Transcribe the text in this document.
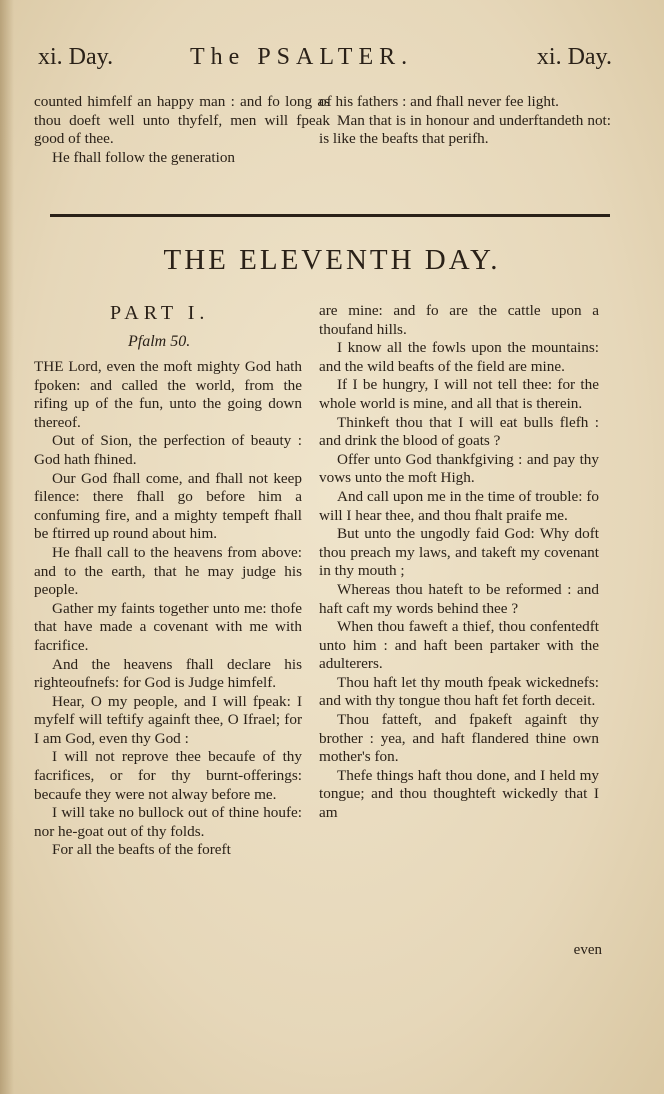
xi. Day.	The PSALTER.	xi. Day.

counted himfelf an happy man : and fo long as thou doeft well unto thyfelf, men will fpeak good of thee.

He fhall follow the generation

of his fathers : and fhall never fee light.

Man that is in honour and underftandeth not: is like the beafts that perifh.

THE ELEVENTH DAY.
PART I.
Pfalm 50.

THE Lord, even the moft mighty God hath fpoken: and called the world, from the rifing up of the fun, unto the going down thereof.

Out of Sion, the perfection of beauty : God hath fhined.

Our God fhall come, and fhall not keep filence: there fhall go before him a confuming fire, and a mighty tempeft fhall be ftirred up round about him.

He fhall call to the heavens from above: and to the earth, that he may judge his people.

Gather my faints together unto me: thofe that have made a covenant with me with facrifice.

And the heavens fhall declare his righteoufnefs: for God is Judge himfelf.

Hear, O my people, and I will fpeak: I myfelf will teftify againft thee, O Ifrael; for I am God, even thy God :

I will not reprove thee becaufe of thy facrifices, or for thy burnt-offerings: becaufe they were not alway before me.

I will take no bullock out of thine houfe: nor he-goat out of thy folds.

For all the beafts of the foreft

are mine: and fo are the cattle upon a thoufand hills.

I know all the fowls upon the mountains: and the wild beafts of the field are mine.

If I be hungry, I will not tell thee: for the whole world is mine, and all that is therein.

Thinkeft thou that I will eat bulls flefh : and drink the blood of goats ?

Offer unto God thankfgiving : and pay thy vows unto the moft High.

And call upon me in the time of trouble: fo will I hear thee, and thou fhalt praife me.

But unto the ungodly faid God: Why doft thou preach my laws, and takeft my covenant in thy mouth ;

Whereas thou hateft to be reformed : and haft caft my words behind thee ?

When thou faweft a thief, thou confentedft unto him : and haft been partaker with the adulterers.

Thou haft let thy mouth fpeak wickednefs: and with thy tongue thou haft fet forth deceit.

Thou fatteft, and fpakeft againft thy brother : yea, and haft flandered thine own mother's fon.

Thefe things haft thou done, and I held my tongue; and thou thoughteft wickedly that I am

even
